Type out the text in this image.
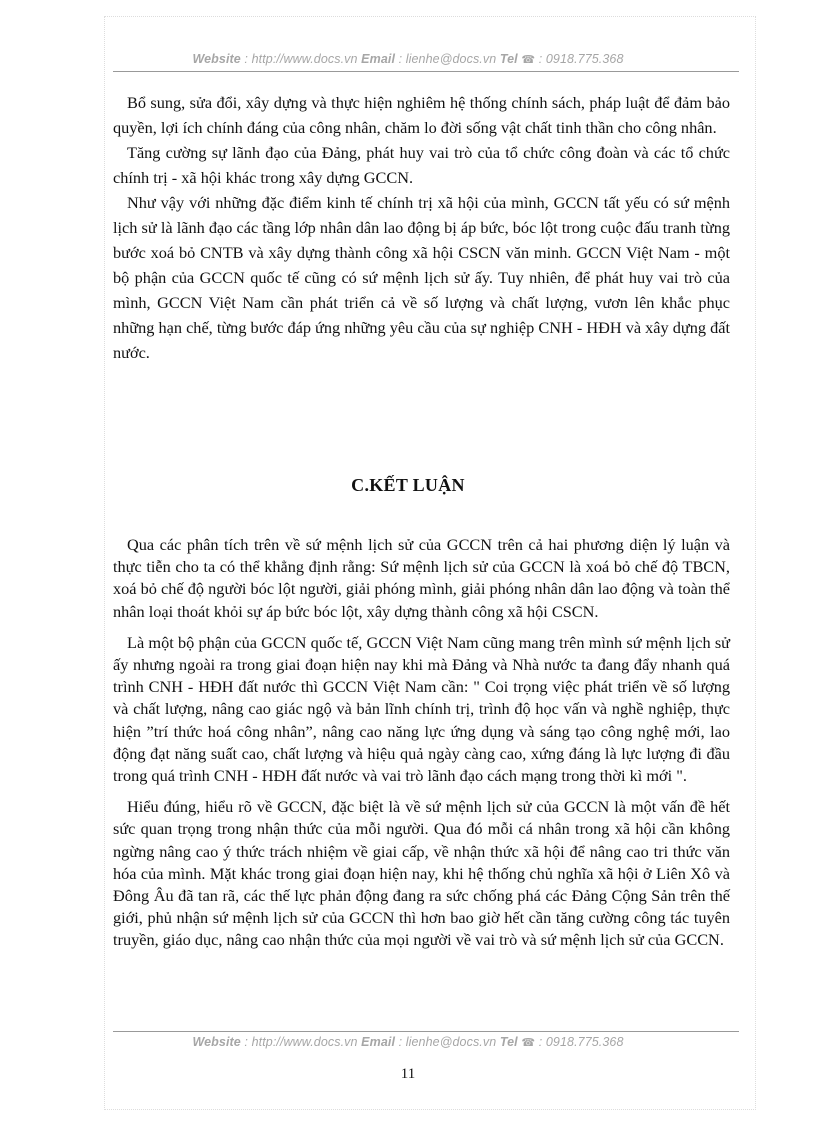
Website : http://www.docs.vn Email : lienhe@docs.vn Tel ☎ : 0918.775.368

Bổ sung, sửa đổi, xây dựng và thực hiện nghiêm hệ thống chính sách, pháp luật để đảm bảo quyền, lợi ích chính đáng của công nhân, chăm lo đời sống vật chất tinh thần cho công nhân.

Tăng cường sự lãnh đạo của Đảng, phát huy vai trò của tổ chức công đoàn và các tổ chức chính trị - xã hội khác trong xây dựng GCCN.

Như vậy với những đặc điểm kinh tế chính trị xã hội của mình, GCCN tất yếu có sứ mệnh lịch sử là lãnh đạo các tầng lớp nhân dân lao động bị áp bức, bóc lột trong cuộc đấu tranh từng bước xoá bỏ CNTB và xây dựng thành công xã hội CSCN văn minh. GCCN Việt Nam - một bộ phận của GCCN quốc tế cũng có sứ mệnh lịch sử ấy. Tuy nhiên, để phát huy vai trò của mình, GCCN Việt Nam cần phát triển cả về số lượng và chất lượng, vươn lên khắc phục những hạn chế, từng bước đáp ứng những yêu cầu của sự nghiệp CNH - HĐH và xây dựng đất nước.

C.KẾT LUẬN

Qua các phân tích trên về sứ mệnh lịch sử của GCCN trên cả hai phương diện lý luận và thực tiễn cho ta có thể khẳng định rằng: Sứ mệnh lịch sử của GCCN là xoá bỏ chế độ TBCN, xoá bỏ chế độ người bóc lột người, giải phóng mình, giải phóng nhân dân lao động và toàn thể nhân loại thoát khỏi sự áp bức bóc lột, xây dựng thành công xã hội CSCN.

Là một bộ phận của GCCN quốc tế, GCCN Việt Nam cũng mang trên mình sứ mệnh lịch sử ấy nhưng ngoài ra trong giai đoạn hiện nay khi mà Đảng và Nhà nước ta đang đẩy nhanh quá trình CNH - HĐH đất nước thì GCCN Việt Nam cần: " Coi trọng việc phát triển về số lượng và chất lượng, nâng cao giác ngộ và bản lĩnh chính trị, trình độ học vấn và nghề nghiệp, thực hiện ”trí thức hoá công nhân”, nâng cao năng lực ứng dụng và sáng tạo công nghệ mới, lao động đạt năng suất cao, chất lượng và hiệu quả ngày càng cao, xứng đáng là lực lượng đi đầu trong quá trình CNH - HĐH đất nước và vai trò lãnh đạo cách mạng trong thời kì mới ".

Hiểu đúng, hiểu rõ về GCCN, đặc biệt là về sứ mệnh lịch sử của GCCN là một vấn đề hết sức quan trọng trong nhận thức của mỗi người. Qua đó mỗi cá nhân trong xã hội cần không ngừng nâng cao ý thức trách nhiệm về giai cấp, về nhận thức xã hội để nâng cao tri thức văn hóa của mình. Mặt khác trong giai đoạn hiện nay, khi hệ thống chủ nghĩa xã hội ở Liên Xô và Đông Âu đã tan rã, các thế lực phản động đang ra sức chống phá các Đảng Cộng Sản trên thế giới, phủ nhận sứ mệnh lịch sử của GCCN thì hơn bao giờ hết cần tăng cường công tác tuyên truyền, giáo dục, nâng cao nhận thức của mọi người về vai trò và sứ mệnh lịch sử của GCCN.

Website : http://www.docs.vn Email : lienhe@docs.vn Tel ☎ : 0918.775.368
11
